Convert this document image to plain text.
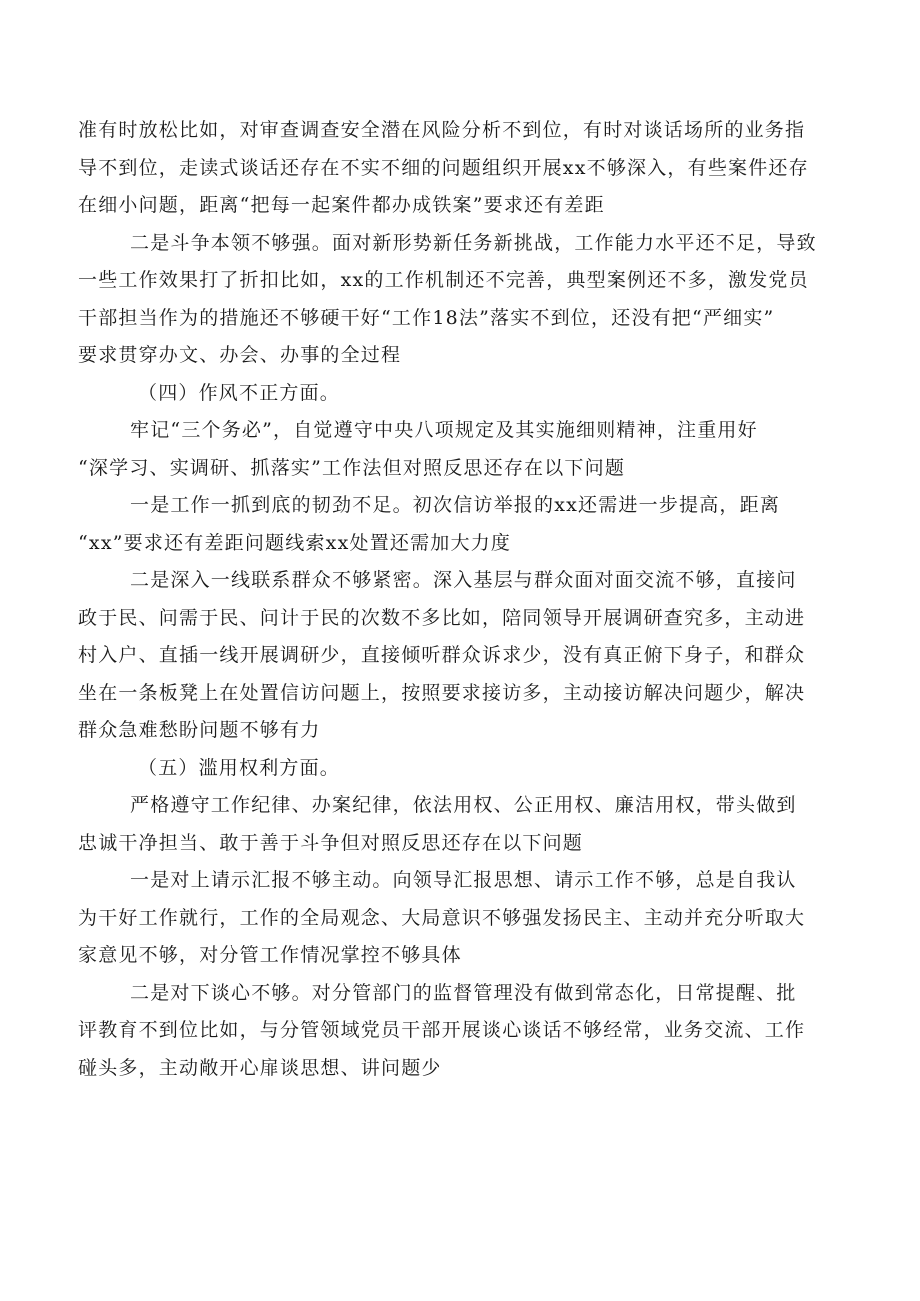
准有时放松比如，对审查调查安全潜在风险分析不到位，有时对谈话场所的业务指
导不到位，走读式谈话还存在不实不细的问题组织开展xx不够深入，有些案件还存
在细小问题，距离“把每一起案件都办成铁案”要求还有差距
二是斗争本领不够强。面对新形势新任务新挑战，工作能力水平还不足，导致
一些工作效果打了折扣比如，xx的工作机制还不完善，典型案例还不多，激发党员
干部担当作为的措施还不够硬干好“工作18法”落实不到位，还没有把“严细实”
要求贯穿办文、办会、办事的全过程
（四）作风不正方面。
牢记“三个务必”，自觉遵守中央八项规定及其实施细则精神，注重用好
“深学习、实调研、抓落实”工作法但对照反思还存在以下问题
一是工作一抓到底的韧劲不足。初次信访举报的xx还需进一步提高，距离
“xx”要求还有差距问题线索xx处置还需加大力度
二是深入一线联系群众不够紧密。深入基层与群众面对面交流不够，直接问
政于民、问需于民、问计于民的次数不多比如，陪同领导开展调研查究多，主动进
村入户、直插一线开展调研少，直接倾听群众诉求少，没有真正俯下身子，和群众
坐在一条板凳上在处置信访问题上，按照要求接访多，主动接访解决问题少，解决
群众急难愁盼问题不够有力
（五）滥用权利方面。
严格遵守工作纪律、办案纪律，依法用权、公正用权、廉洁用权，带头做到
忠诚干净担当、敢于善于斗争但对照反思还存在以下问题
一是对上请示汇报不够主动。向领导汇报思想、请示工作不够，总是自我认
为干好工作就行，工作的全局观念、大局意识不够强发扬民主、主动并充分听取大
家意见不够，对分管工作情况掌控不够具体
二是对下谈心不够。对分管部门的监督管理没有做到常态化，日常提醒、批
评教育不到位比如，与分管领域党员干部开展谈心谈话不够经常，业务交流、工作
碰头多，主动敞开心扉谈思想、讲问题少
